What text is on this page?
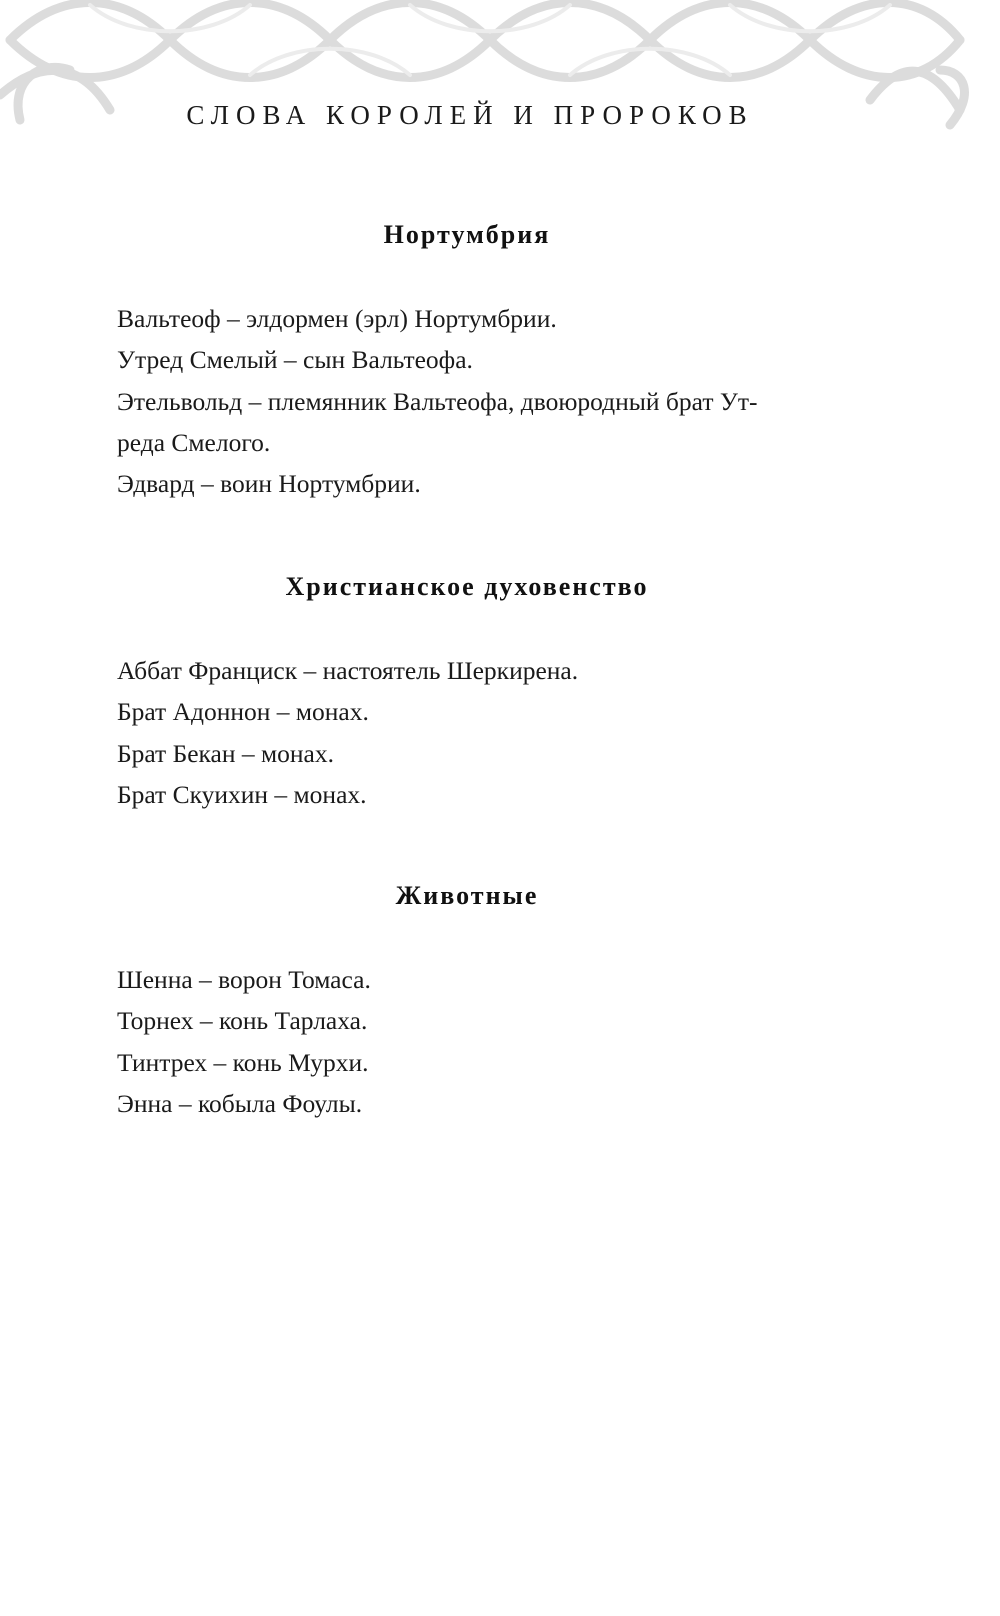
СЛОВА КОРОЛЕЙ И ПРОРОКОВ
Нортумбрия
Вальтеоф – элдормен (эрл) Нортумбрии.
Утред Смелый – сын Вальтеофа.
Этельвольд – племянник Вальтеофа, двоюродный брат Ут-
реда Смелого.
Эдвард – воин Нортумбрии.
Христианское духовенство
Аббат Франциск – настоятель Шеркирена.
Брат Адоннон – монах.
Брат Бекан – монах.
Брат Скуихин – монах.
Животные
Шенна – ворон Томаса.
Торнех – конь Тарлаха.
Тинтрех – конь Мурхи.
Энна – кобыла Фоулы.
